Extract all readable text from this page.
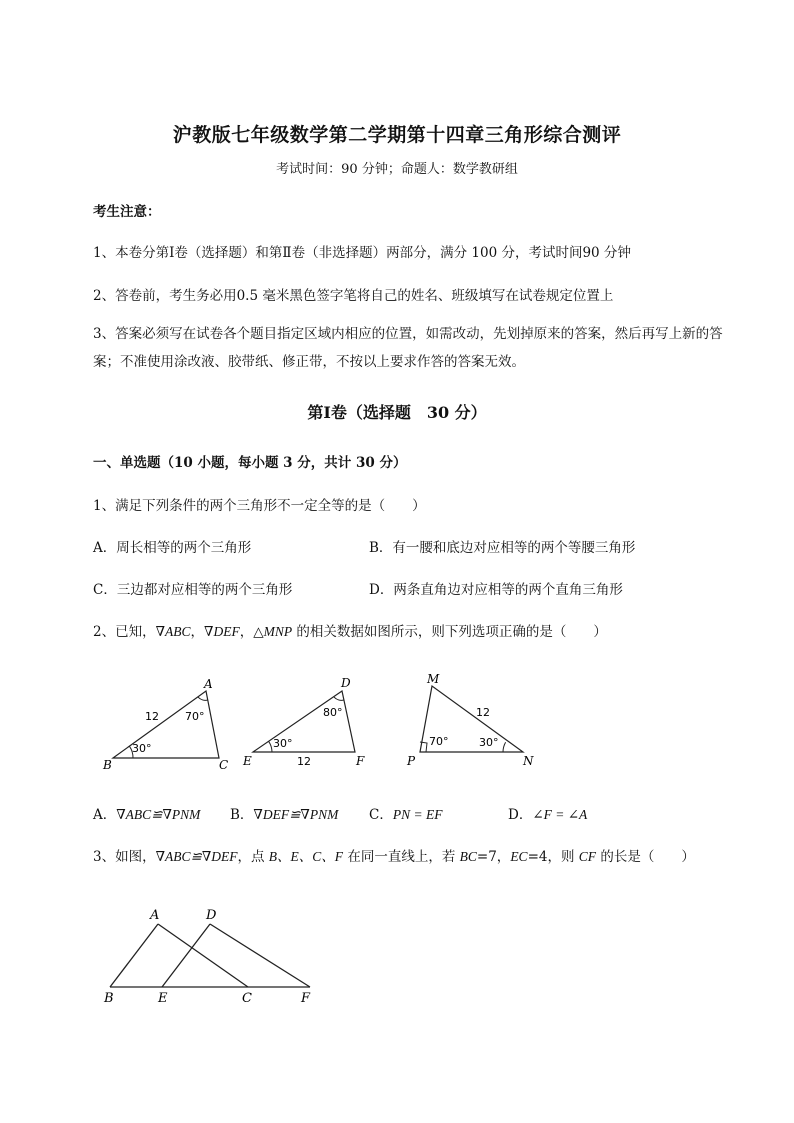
沪教版七年级数学第二学期第十四章三角形综合测评
考试时间：90 分钟；命题人：数学教研组
考生注意：
1、本卷分第Ⅰ卷（选择题）和第Ⅱ卷（非选择题）两部分，满分 100 分，考试时间90 分钟
2、答卷前，考生务必用0.5 毫米黑色签字笔将自己的姓名、班级填写在试卷规定位置上
3、答案必须写在试卷各个题目指定区域内相应的位置，如需改动，先划掉原来的答案，然后再写上新的答案；不准使用涂改液、胶带纸、修正带，不按以上要求作答的答案无效。
第Ⅰ卷（选择题　30 分）
一、单选题（10 小题，每小题 3 分，共计 30 分）
1、满足下列条件的两个三角形不一定全等的是（　　）
A．周长相等的两个三角形	B．有一腰和底边对应相等的两个等腰三角形
C．三边都对应相等的两个三角形	D．两条直角边对应相等的两个直角三角形
2、已知，∇ABC，∇DEF，△MNP 的相关数据如图所示，则下列选项正确的是（　　）
A
B	C
12 70°
30°
D
E	F
12
80°
30°
M
P	N
12
70°	30°
A．∇ABC≌∇PNM B．∇DEF≌∇PNM C．PN = EF	D．∠F = ∠A
3、如图，∇ABC≌∇DEF，点 B、E、C、F 在同一直线上，若 BC=7，EC=4，则 CF 的长是（　　）
A	D
B	E	C	F
